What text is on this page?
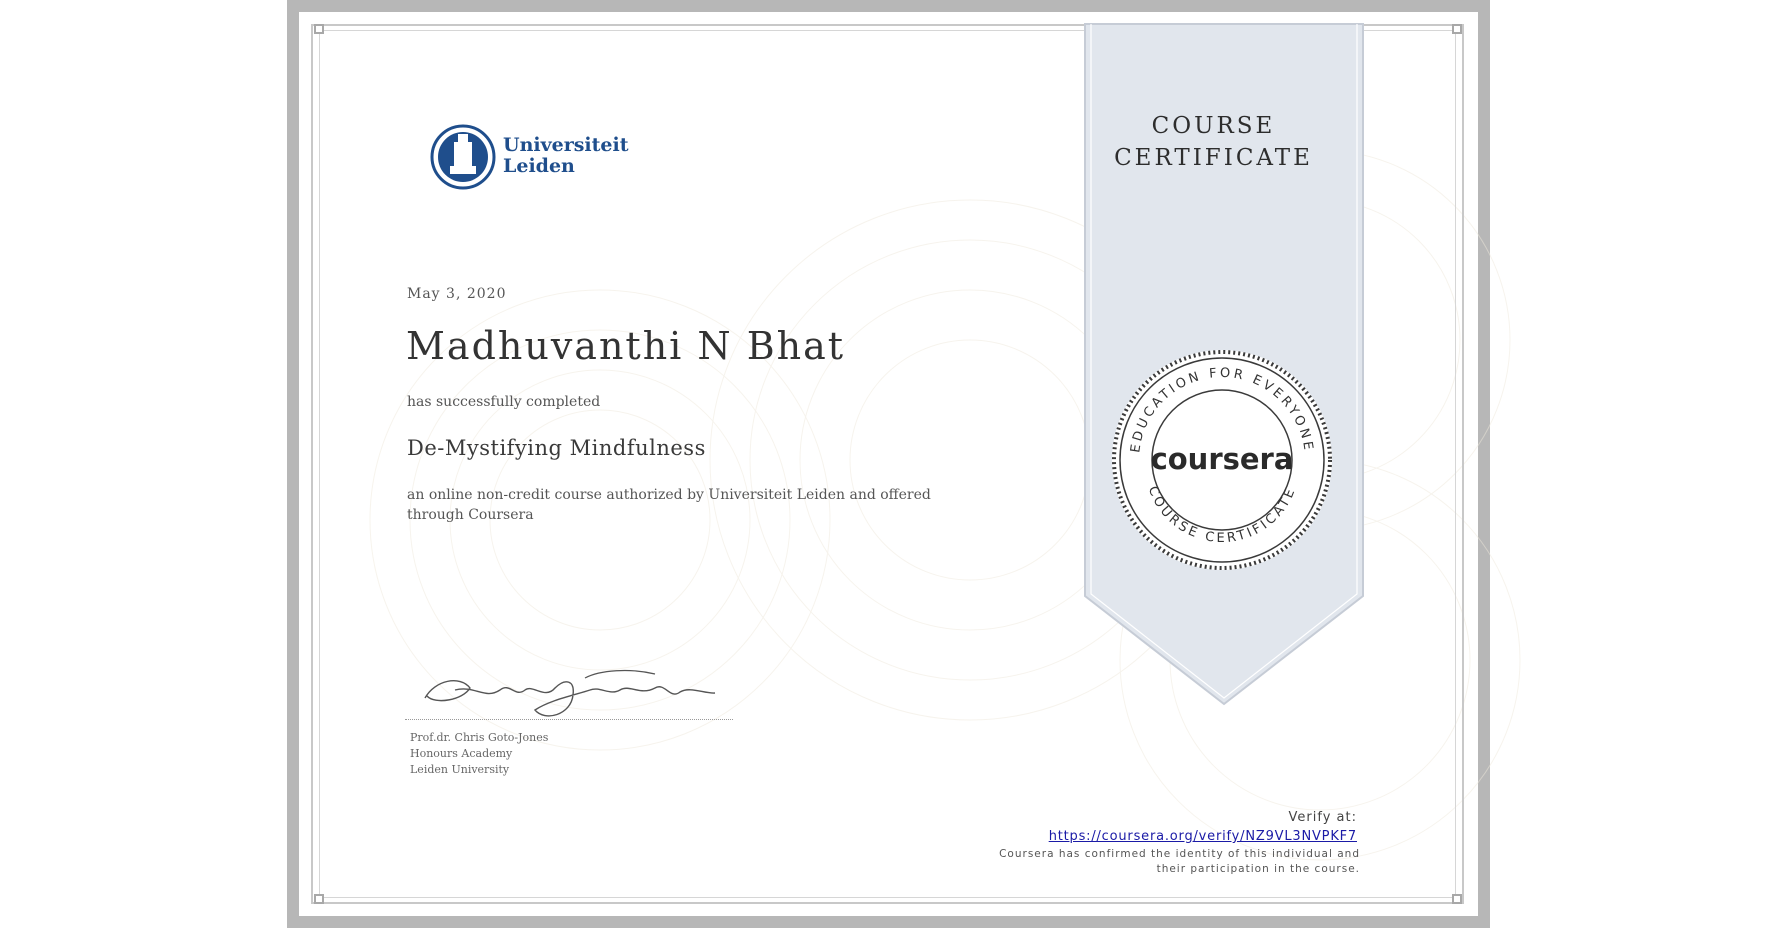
COURSE
CERTIFICATE
EDUCATION FOR EVERYONE
COURSE CERTIFICATE
coursera
Universiteit
Leiden
May 3, 2020
Madhuvanthi N Bhat
has successfully completed
De-Mystifying Mindfulness
an online non-credit course authorized by Universiteit Leiden and offered through Coursera
Prof.dr. Chris Goto-Jones
Honours Academy
Leiden University
Verify at:
https://coursera.org/verify/NZ9VL3NVPKF7
Coursera has confirmed the identity of this individual and
their participation in the course.
